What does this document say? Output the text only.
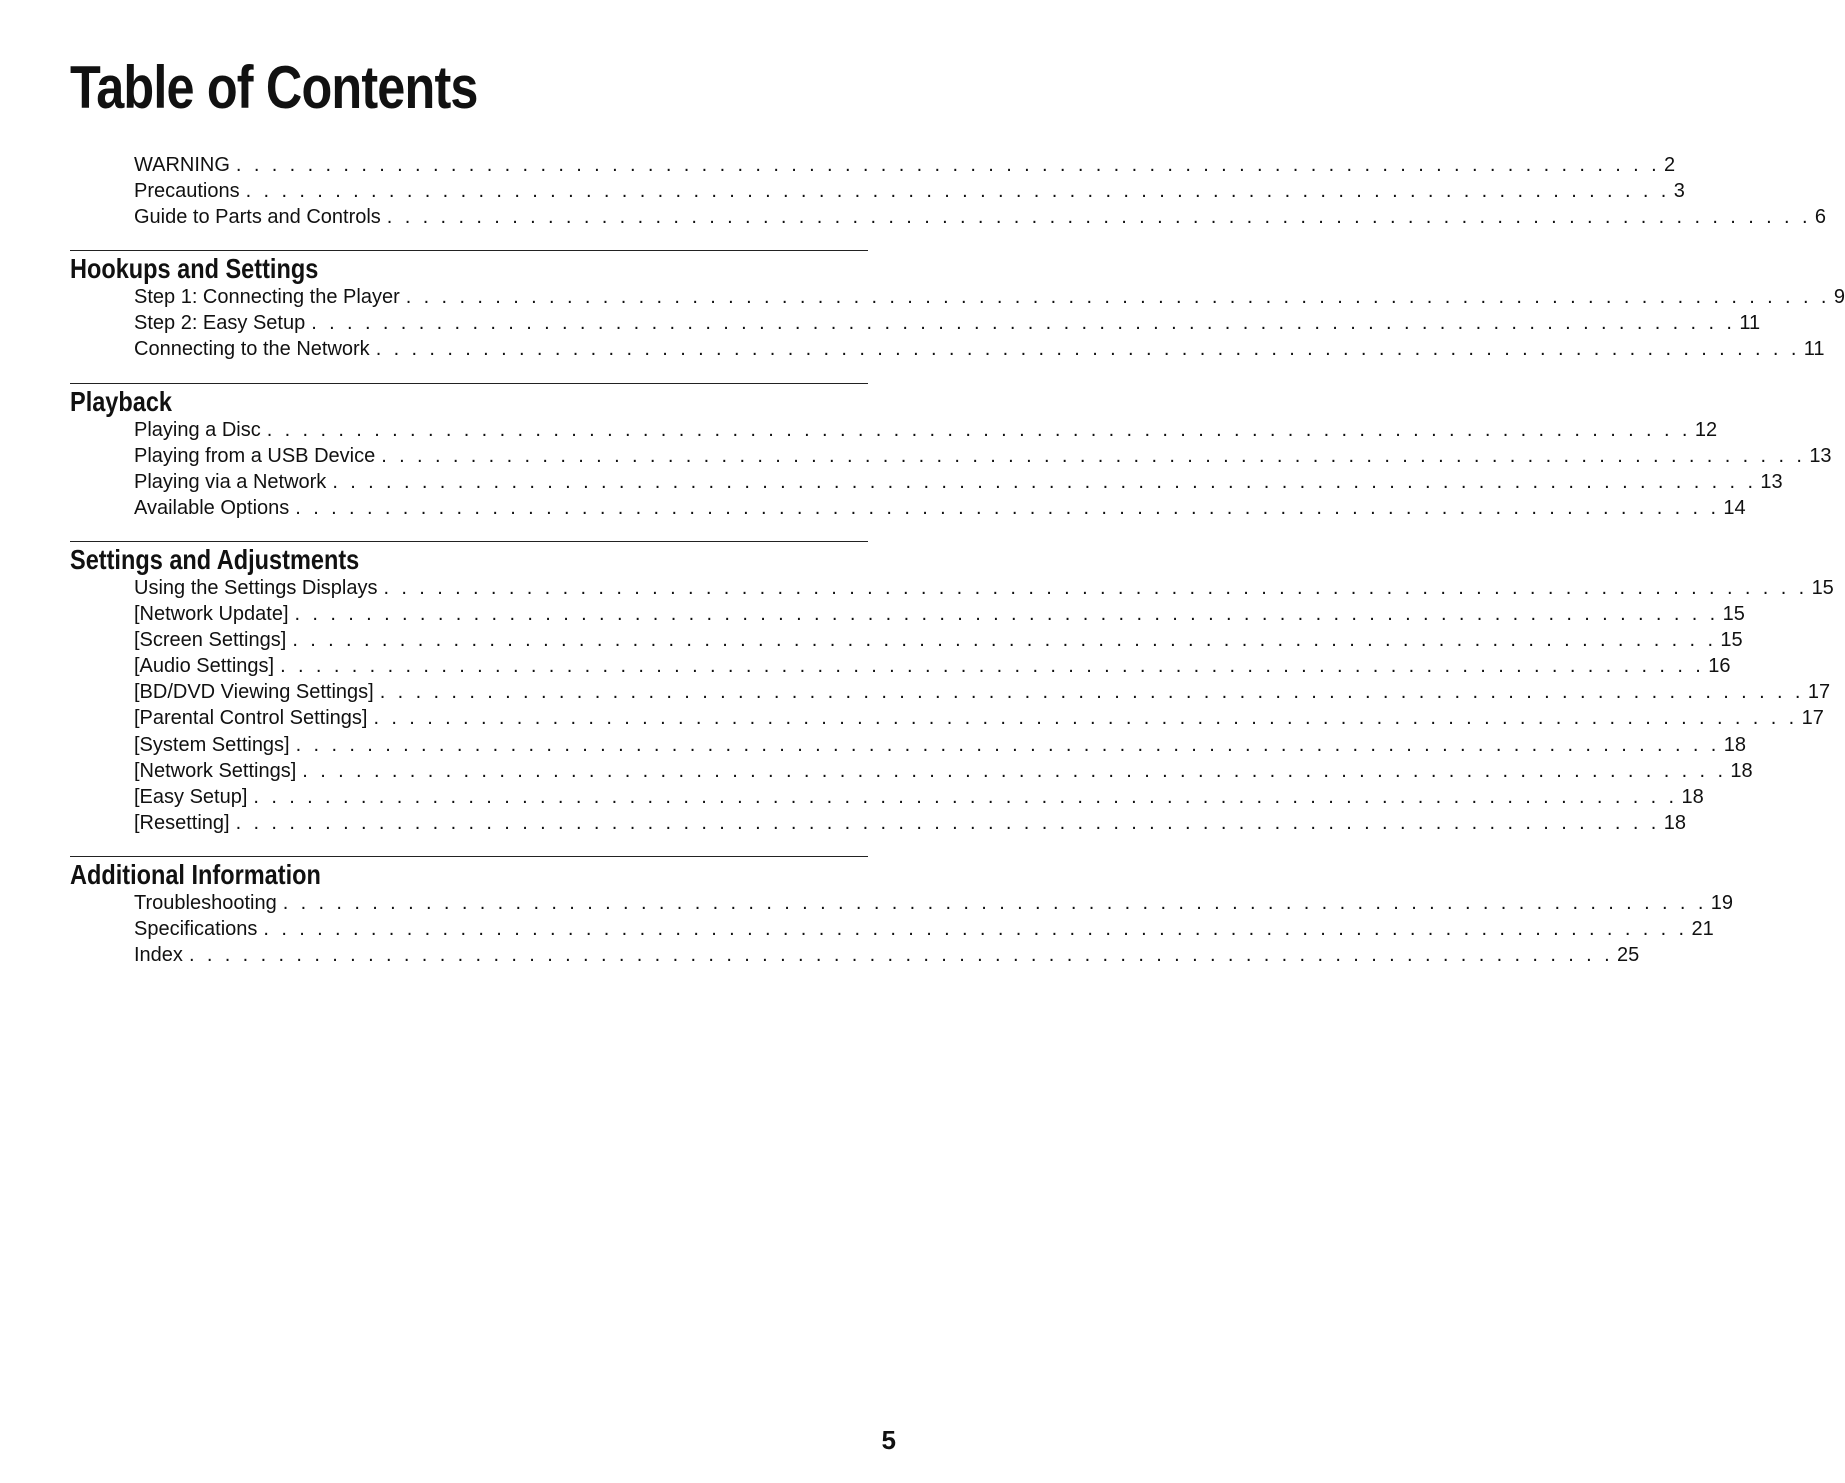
Table of Contents
WARNING . . . . . . . . . . . . . . . . . . . . . . . . . . . . . . . . . . . . . . . . . . . . . . . . . . . . . . . . . . . . . . . . . . . . . . . . . . . . . . . . 2
Precautions . . . . . . . . . . . . . . . . . . . . . . . . . . . . . . . . . . . . . . . . . . . . . . . . . . . . . . . . . . . . . . . . . . . . . . . . . . . . . . . . 3
Guide to Parts and Controls . . . . . . . . . . . . . . . . . . . . . . . . . . . . . . . . . . . . . . . . . . . . . . . . . . . . . . . . . . . . . . . . . . . . . . . . . . . . . . . . 6
Hookups and Settings
Step 1: Connecting the Player . . . . . . . . . . . . . . . . . . . . . . . . . . . . . . . . . . . . . . . . . . . . . . . . . . . . . . . . . . . . . . . . . . . . . . . . . . . . . . . . 9
Step 2: Easy Setup . . . . . . . . . . . . . . . . . . . . . . . . . . . . . . . . . . . . . . . . . . . . . . . . . . . . . . . . . . . . . . . . . . . . . . . . . . . . . . . . 11
Connecting to the Network . . . . . . . . . . . . . . . . . . . . . . . . . . . . . . . . . . . . . . . . . . . . . . . . . . . . . . . . . . . . . . . . . . . . . . . . . . . . . . . . 11
Playback
Playing a Disc . . . . . . . . . . . . . . . . . . . . . . . . . . . . . . . . . . . . . . . . . . . . . . . . . . . . . . . . . . . . . . . . . . . . . . . . . . . . . . . . 12
Playing from a USB Device . . . . . . . . . . . . . . . . . . . . . . . . . . . . . . . . . . . . . . . . . . . . . . . . . . . . . . . . . . . . . . . . . . . . . . . . . . . . . . . . 13
Playing via a Network . . . . . . . . . . . . . . . . . . . . . . . . . . . . . . . . . . . . . . . . . . . . . . . . . . . . . . . . . . . . . . . . . . . . . . . . . . . . . . . . 13
Available Options . . . . . . . . . . . . . . . . . . . . . . . . . . . . . . . . . . . . . . . . . . . . . . . . . . . . . . . . . . . . . . . . . . . . . . . . . . . . . . . . 14
Settings and Adjustments
Using the Settings Displays . . . . . . . . . . . . . . . . . . . . . . . . . . . . . . . . . . . . . . . . . . . . . . . . . . . . . . . . . . . . . . . . . . . . . . . . . . . . . . . . 15
[Network Update] . . . . . . . . . . . . . . . . . . . . . . . . . . . . . . . . . . . . . . . . . . . . . . . . . . . . . . . . . . . . . . . . . . . . . . . . . . . . . . . . 15
[Screen Settings] . . . . . . . . . . . . . . . . . . . . . . . . . . . . . . . . . . . . . . . . . . . . . . . . . . . . . . . . . . . . . . . . . . . . . . . . . . . . . . . . 15
[Audio Settings] . . . . . . . . . . . . . . . . . . . . . . . . . . . . . . . . . . . . . . . . . . . . . . . . . . . . . . . . . . . . . . . . . . . . . . . . . . . . . . . . 16
[BD/DVD Viewing Settings] . . . . . . . . . . . . . . . . . . . . . . . . . . . . . . . . . . . . . . . . . . . . . . . . . . . . . . . . . . . . . . . . . . . . . . . . . . . . . . . . 17
[Parental Control Settings] . . . . . . . . . . . . . . . . . . . . . . . . . . . . . . . . . . . . . . . . . . . . . . . . . . . . . . . . . . . . . . . . . . . . . . . . . . . . . . . . 17
[System Settings] . . . . . . . . . . . . . . . . . . . . . . . . . . . . . . . . . . . . . . . . . . . . . . . . . . . . . . . . . . . . . . . . . . . . . . . . . . . . . . . . 18
[Network Settings] . . . . . . . . . . . . . . . . . . . . . . . . . . . . . . . . . . . . . . . . . . . . . . . . . . . . . . . . . . . . . . . . . . . . . . . . . . . . . . . . 18
[Easy Setup] . . . . . . . . . . . . . . . . . . . . . . . . . . . . . . . . . . . . . . . . . . . . . . . . . . . . . . . . . . . . . . . . . . . . . . . . . . . . . . . . 18
[Resetting] . . . . . . . . . . . . . . . . . . . . . . . . . . . . . . . . . . . . . . . . . . . . . . . . . . . . . . . . . . . . . . . . . . . . . . . . . . . . . . . . 18
Additional Information
Troubleshooting . . . . . . . . . . . . . . . . . . . . . . . . . . . . . . . . . . . . . . . . . . . . . . . . . . . . . . . . . . . . . . . . . . . . . . . . . . . . . . . . 19
Specifications . . . . . . . . . . . . . . . . . . . . . . . . . . . . . . . . . . . . . . . . . . . . . . . . . . . . . . . . . . . . . . . . . . . . . . . . . . . . . . . . 21
Index . . . . . . . . . . . . . . . . . . . . . . . . . . . . . . . . . . . . . . . . . . . . . . . . . . . . . . . . . . . . . . . . . . . . . . . . . . . . . . . . 25

5
